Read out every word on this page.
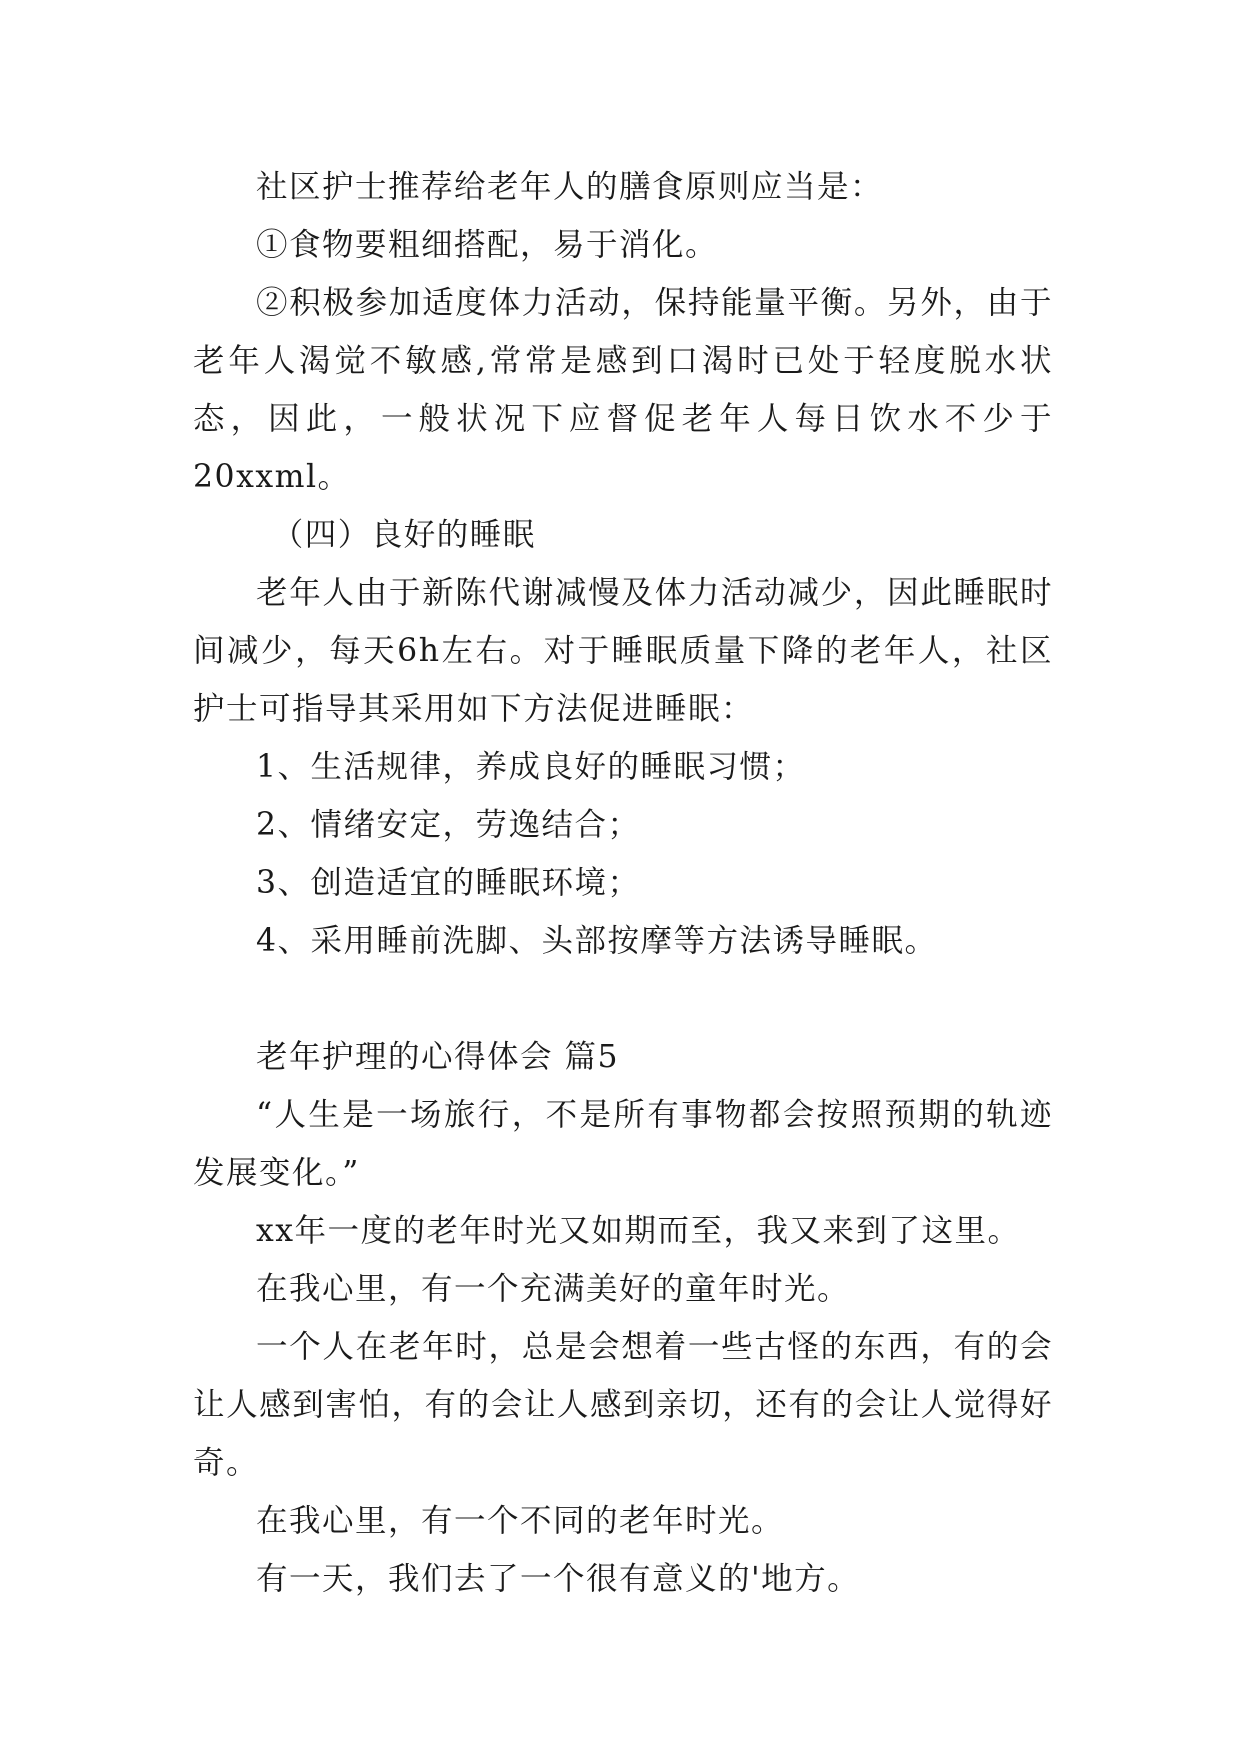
社区护士推荐给老年人的膳食原则应当是：

①食物要粗细搭配，易于消化。

②积极参加适度体力活动，保持能量平衡。另外，由于老年人渴觉不敏感,常常是感到口渴时已处于轻度脱水状态，因此，一般状况下应督促老年人每日饮水不少于20xxml。

（四）良好的睡眠

老年人由于新陈代谢减慢及体力活动减少，因此睡眠时间减少，每天6h左右。对于睡眠质量下降的老年人，社区护士可指导其采用如下方法促进睡眠：

1、生活规律，养成良好的睡眠习惯；

2、情绪安定，劳逸结合；

3、创造适宜的睡眠环境；

4、采用睡前洗脚、头部按摩等方法诱导睡眠。

老年护理的心得体会 篇5

“人生是一场旅行，不是所有事物都会按照预期的轨迹发展变化。”

xx年一度的老年时光又如期而至，我又来到了这里。

在我心里，有一个充满美好的童年时光。

一个人在老年时，总是会想着一些古怪的东西，有的会让人感到害怕，有的会让人感到亲切，还有的会让人觉得好奇。

在我心里，有一个不同的老年时光。

有一天，我们去了一个很有意义的'地方。
